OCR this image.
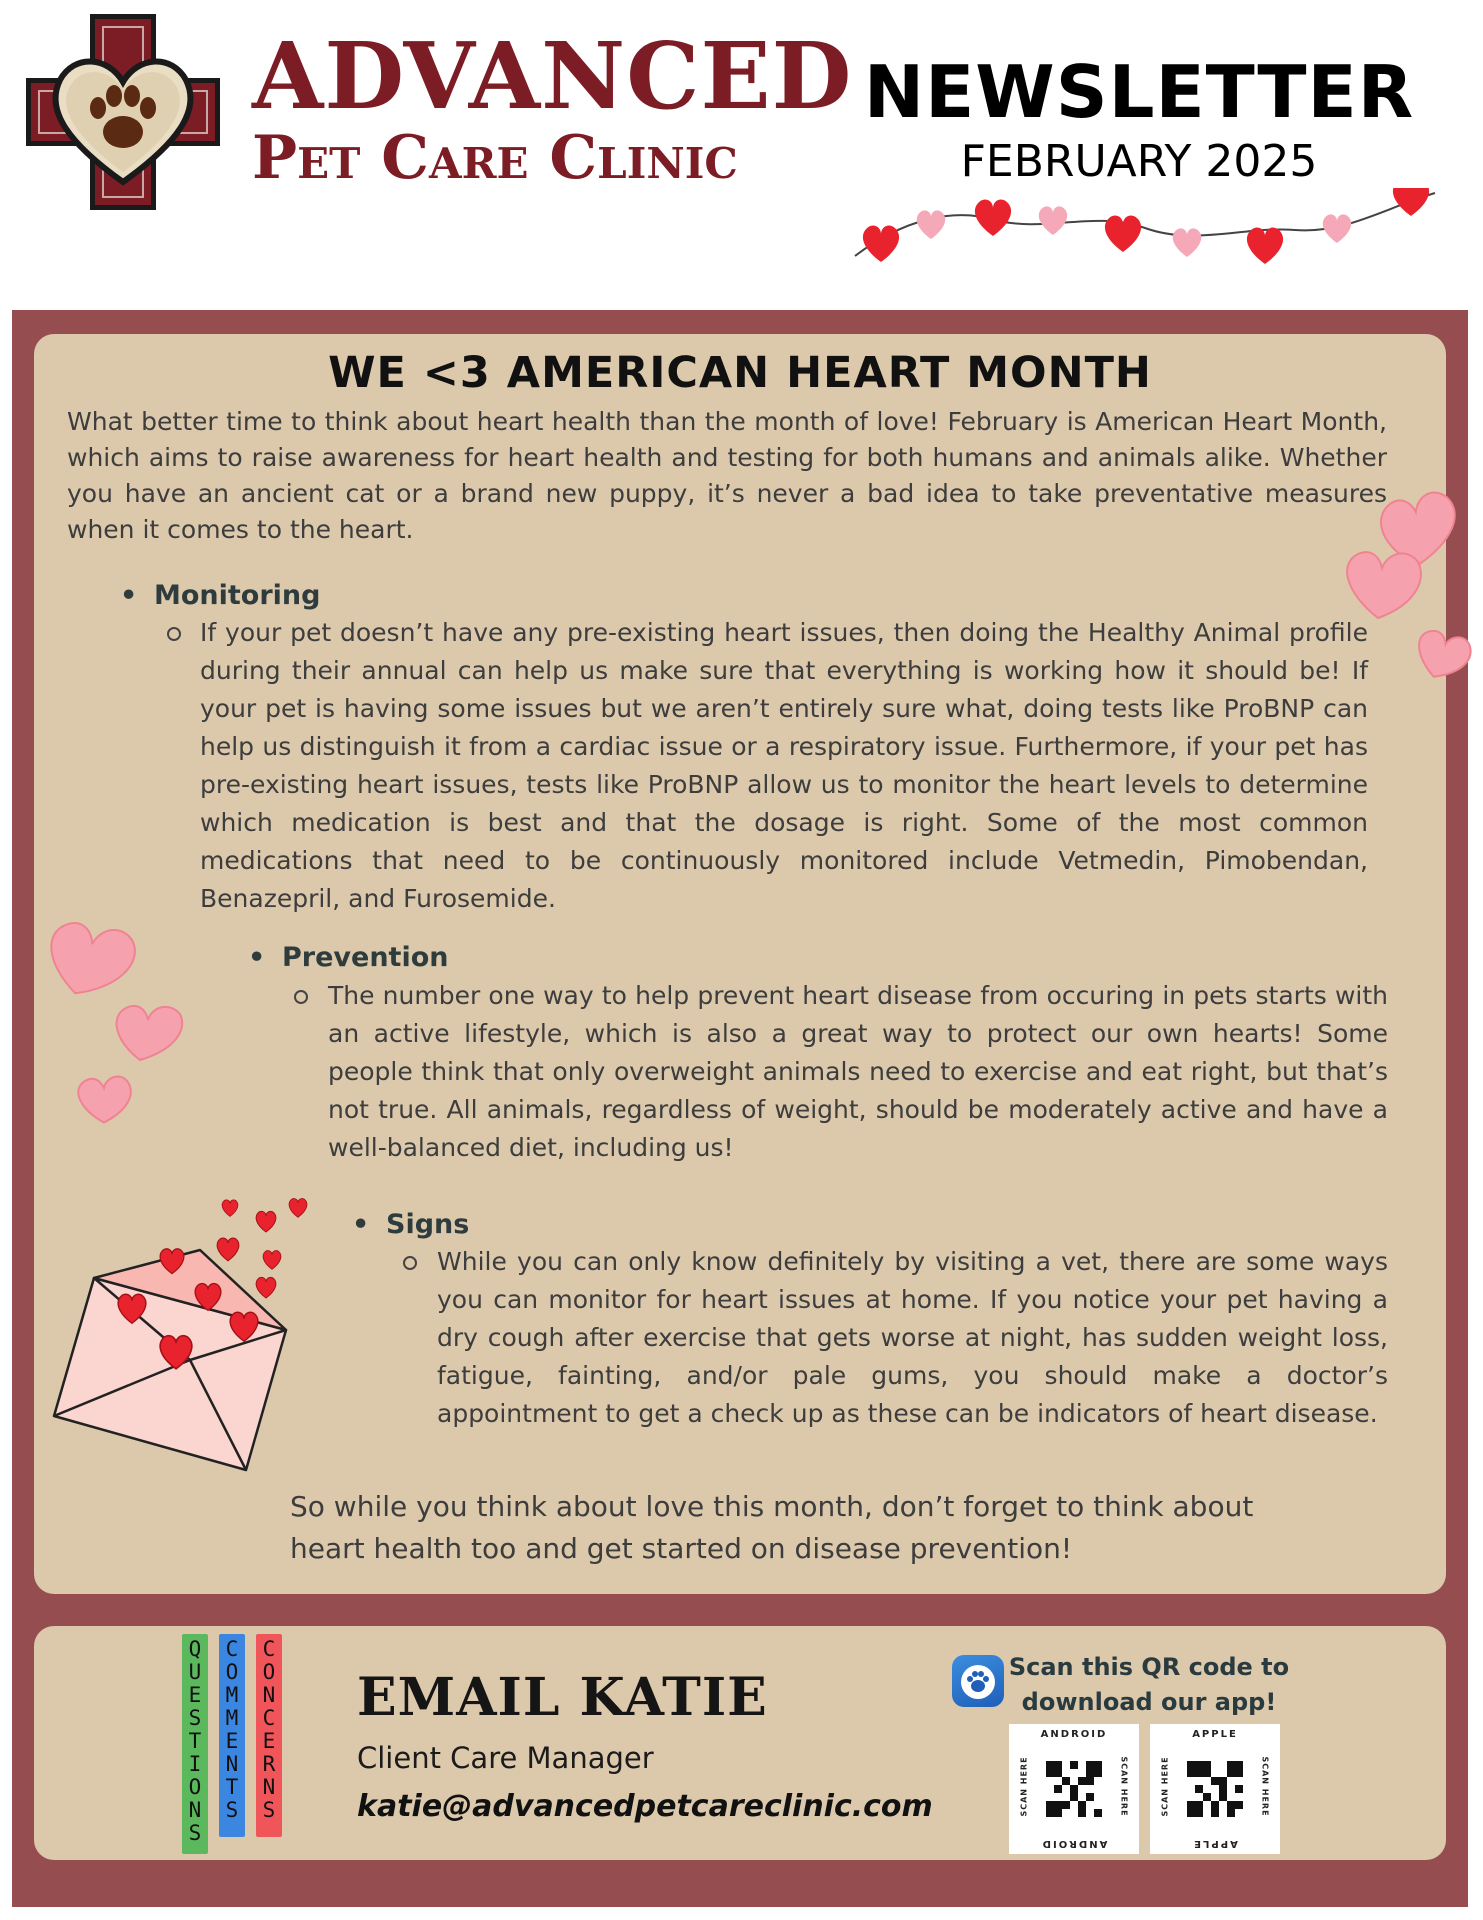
ADVANCED
Pet Care Clinic
NEWSLETTER
FEBRUARY 2025
WE <3 AMERICAN HEART MONTH

What better time to think about heart health than the month of love! February is American Heart Month, which aims to raise awareness for heart health and testing for both humans and animals alike. Whether you have an ancient cat or a brand new puppy, it’s never a bad idea to take preventative measures when it comes to the heart.

• Monitoring

If your pet doesn’t have any pre-existing heart issues, then doing the Healthy Animal profile during their annual can help us make sure that everything is working how it should be! If your pet is having some issues but we aren’t entirely sure what, doing tests like ProBNP can help us distinguish it from a cardiac issue or a respiratory issue. Furthermore, if your pet has pre-existing heart issues, tests like ProBNP allow us to monitor the heart levels to determine which medication is best and that the dosage is right. Some of the most common medications that need to be continuously monitored include Vetmedin, Pimobendan, Benazepril, and Furosemide.

• Prevention

The number one way to help prevent heart disease from occuring in pets starts with an active lifestyle, which is also a great way to protect our own hearts! Some people think that only overweight animals need to exercise and eat right, but that’s not true. All animals, regardless of weight, should be moderately active and have a well-balanced diet, including us!

• Signs

While you can only know definitely by visiting a vet, there are some ways you can monitor for heart issues at home. If you notice your pet having a dry cough after exercise that gets worse at night, has sudden weight loss, fatigue, fainting, and/or pale gums, you should make a doctor’s appointment to get a check up as these can be indicators of heart disease.

So while you think about love this month, don’t forget to think about heart health too and get started on disease prevention!

Q
U
E
S
T
I
O
N
S
C
O
M
M
E
N
T
S
C
O
N
C
E
R
N
S
EMAIL KATIE
Client Care Manager
katie@advancedpetcareclinic.com
Scan this QR code to
download our app!
ANDROID
SCAN HERE	SCAN HERE
ANDROID
APPLE
SCAN HERE	SCAN HERE
APPLE
